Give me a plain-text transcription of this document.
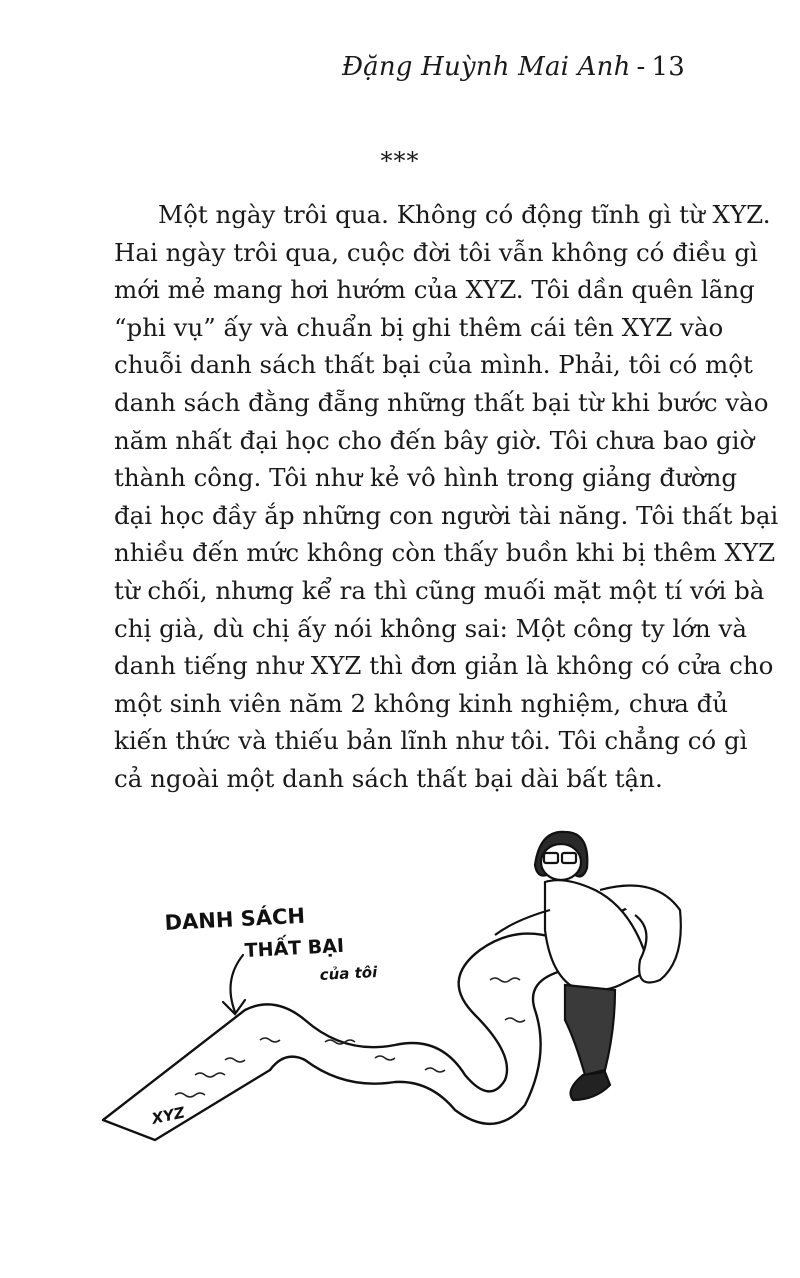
Đặng Huỳnh Mai Anh - 13
***
Một ngày trôi qua. Không có động tĩnh gì từ XYZ.
Hai ngày trôi qua, cuộc đời tôi vẫn không có điều gì
mới mẻ mang hơi hướm của XYZ. Tôi dần quên lãng
“phi vụ” ấy và chuẩn bị ghi thêm cái tên XYZ vào
chuỗi danh sách thất bại của mình. Phải, tôi có một
danh sách đằng đẵng những thất bại từ khi bước vào
năm nhất đại học cho đến bây giờ. Tôi chưa bao giờ
thành công. Tôi như kẻ vô hình trong giảng đường
đại học đầy ắp những con người tài năng. Tôi thất bại
nhiều đến mức không còn thấy buồn khi bị thêm XYZ
từ chối, nhưng kể ra thì cũng muối mặt một tí với bà
chị già, dù chị ấy nói không sai: Một công ty lớn và
danh tiếng như XYZ thì đơn giản là không có cửa cho
một sinh viên năm 2 không kinh nghiệm, chưa đủ
kiến thức và thiếu bản lĩnh như tôi. Tôi chẳng có gì
cả ngoài một danh sách thất bại dài bất tận.
XYZ
DANH SÁCH
THẤT BẠI
của tôi
